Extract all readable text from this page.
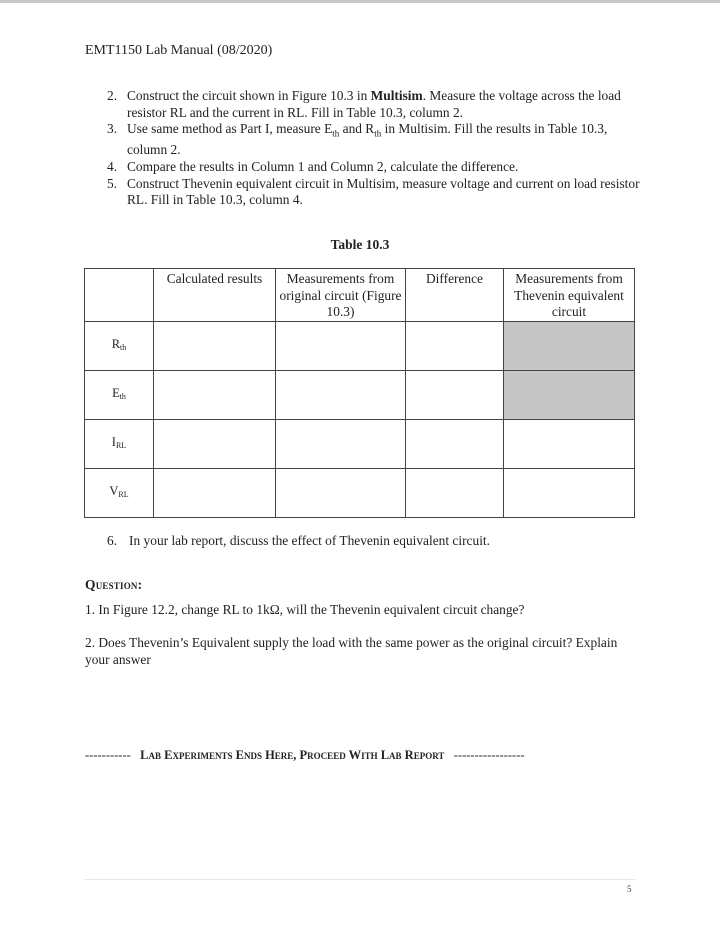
EMT1150 Lab Manual (08/2020)
2. Construct the circuit shown in Figure 10.3 in Multisim. Measure the voltage across the load resistor RL and the current in RL. Fill in Table 10.3, column 2.
3. Use same method as Part I, measure $E_{th}$ and $R_{th}$ in Multisim. Fill the results in Table 10.3, column 2.
4. Compare the results in Column 1 and Column 2, calculate the difference.
5. Construct Thevenin equivalent circuit in Multisim, measure voltage and current on load resistor RL. Fill in Table 10.3, column 4.
Table 10.3
	Calculated results	Measurements from original circuit (Figure 10.3)	Difference	Measurements from Thevenin equivalent circuit
$R_{th}$				
$E_{th}$				
$I_{RL}$				
$V_{RL}$				
6. In your lab report, discuss the effect of Thevenin equivalent circuit.
Question:
1. In Figure 12.2, change RL to 1kΩ, will the Thevenin equivalent circuit change?
2. Does Thevenin’s Equivalent supply the load with the same power as the original circuit? Explain your answer
----------- Lab Experiments Ends Here, Proceed With Lab Report -----------------
5
